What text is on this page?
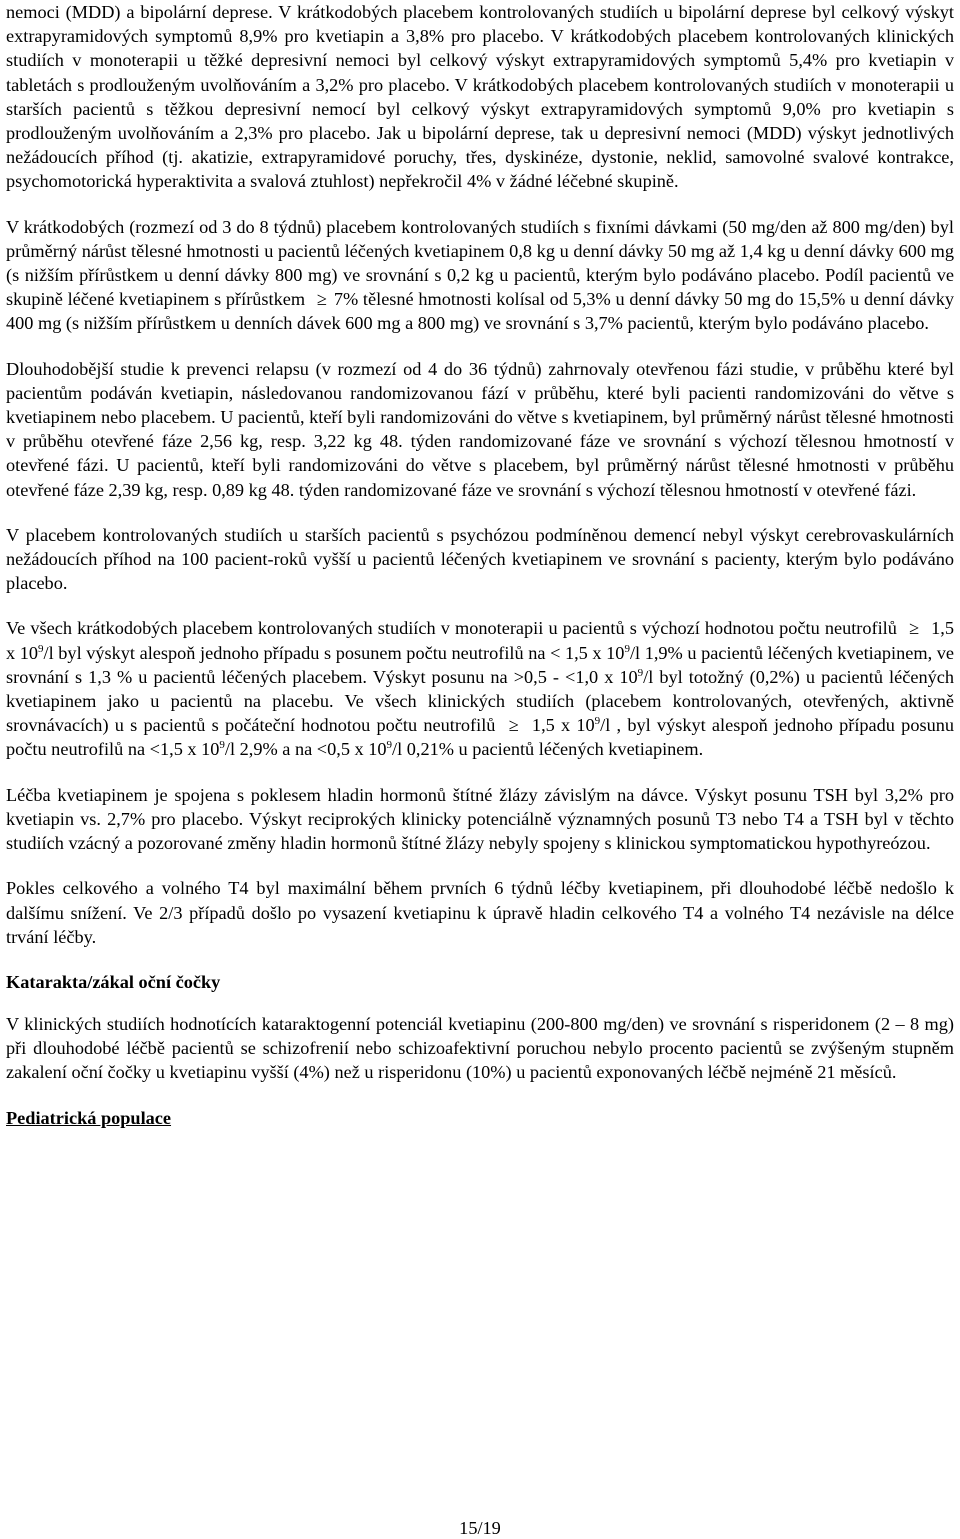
nemoci (MDD) a bipolární deprese. V krátkodobých placebem kontrolovaných studiích u bipolární deprese byl celkový výskyt extrapyramidových symptomů 8,9% pro kvetiapin a 3,8% pro placebo. V krátkodobých placebem kontrolovaných klinických studiích v monoterapii u těžké depresivní nemoci byl celkový výskyt extrapyramidových symptomů 5,4% pro kvetiapin v tabletách s prodlouženým uvolňováním a 3,2% pro placebo. V krátkodobých placebem kontrolovaných studiích v monoterapii u starších pacientů s těžkou depresivní nemocí byl celkový výskyt extrapyramidových symptomů 9,0% pro kvetiapin s prodlouženým uvolňováním a 2,3% pro placebo. Jak u bipolární deprese, tak u depresivní nemoci (MDD) výskyt jednotlivých nežádoucích příhod (tj. akatizie, extrapyramidové poruchy, třes, dyskinéze, dystonie, neklid, samovolné svalové kontrakce, psychomotorická hyperaktivita a svalová ztuhlost) nepřekročil 4% v žádné léčebné skupině.

V krátkodobých (rozmezí od 3 do 8 týdnů) placebem kontrolovaných studiích s fixními dávkami (50 mg/den až 800 mg/den) byl průměrný nárůst tělesné hmotnosti u pacientů léčených kvetiapinem 0,8 kg u denní dávky 50 mg až 1,4 kg u denní dávky 600 mg (s nižším přírůstkem u denní dávky 800 mg) ve srovnání s 0,2 kg u pacientů, kterým bylo podáváno placebo. Podíl pacientů ve skupině léčené kvetiapinem s přírůstkem ≥ 7% tělesné hmotnosti kolísal od 5,3% u denní dávky 50 mg do 15,5% u denní dávky 400 mg (s nižším přírůstkem u denních dávek 600 mg a 800 mg) ve srovnání s 3,7% pacientů, kterým bylo podáváno placebo.

Dlouhodobější studie k prevenci relapsu (v rozmezí od 4 do 36 týdnů) zahrnovaly otevřenou fázi studie, v průběhu které byl pacientům podáván kvetiapin, následovanou randomizovanou fází v průběhu, které byli pacienti randomizováni do větve s kvetiapinem nebo placebem. U pacientů, kteří byli randomizováni do větve s kvetiapinem, byl průměrný nárůst tělesné hmotnosti v průběhu otevřené fáze 2,56 kg, resp. 3,22 kg 48. týden randomizované fáze ve srovnání s výchozí tělesnou hmotností v otevřené fázi. U pacientů, kteří byli randomizováni do větve s placebem, byl průměrný nárůst tělesné hmotnosti v průběhu otevřené fáze 2,39 kg, resp. 0,89 kg 48. týden randomizované fáze ve srovnání s výchozí tělesnou hmotností v otevřené fázi.

V placebem kontrolovaných studiích u starších pacientů s psychózou podmíněnou demencí nebyl výskyt cerebrovaskulárních nežádoucích příhod na 100 pacient-roků vyšší u pacientů léčených kvetiapinem ve srovnání s pacienty, kterým bylo podáváno placebo.

Ve všech krátkodobých placebem kontrolovaných studiích v monoterapii u pacientů s výchozí hodnotou počtu neutrofilů ≥ 1,5 x $10^9/l$ byl výskyt alespoň jednoho případu s posunem počtu neutrofilů na < 1,5 x $10^9/l$ 1,9% u pacientů léčených kvetiapinem, ve srovnání s 1,3 % u pacientů léčených placebem. Výskyt posunu na >0,5 - <1,0 x $10^9/l$ byl totožný (0,2%) u pacientů léčených kvetiapinem jako u pacientů na placebu. Ve všech klinických studiích (placebem kontrolovaných, otevřených, aktivně srovnávacích) u s pacientů s počáteční hodnotou počtu neutrofilů ≥ 1,5 x $10^9/l$ , byl výskyt alespoň jednoho případu posunu počtu neutrofilů na <1,5 x $10^9/l$ 2,9% a na <0,5 x $10^9/l$ 0,21% u pacientů léčených kvetiapinem.

Léčba kvetiapinem je spojena s poklesem hladin hormonů štítné žlázy závislým na dávce. Výskyt posunu TSH byl 3,2% pro kvetiapin vs. 2,7% pro placebo. Výskyt reciprokých klinicky potenciálně významných posunů T3 nebo T4 a TSH byl v těchto studiích vzácný a pozorované změny hladin hormonů štítné žlázy nebyly spojeny s klinickou symptomatickou hypothyreózou.

Pokles celkového a volného T4 byl maximální během prvních 6 týdnů léčby kvetiapinem, při dlouhodobé léčbě nedošlo k dalšímu snížení. Ve 2/3 případů došlo po vysazení kvetiapinu k úpravě hladin celkového T4 a volného T4 nezávisle na délce trvání léčby.

Katarakta/zákal oční čočky

V klinických studiích hodnotících kataraktogenní potenciál kvetiapinu (200-800 mg/den) ve srovnání s risperidonem (2 – 8 mg) při dlouhodobé léčbě pacientů se schizofrenií nebo schizoafektivní poruchou nebylo procento pacientů se zvýšeným stupněm zakalení oční čočky u kvetiapinu vyšší (4%) než u risperidonu (10%) u pacientů exponovaných léčbě nejméně 21 měsíců.

Pediatrická populace

15/19
